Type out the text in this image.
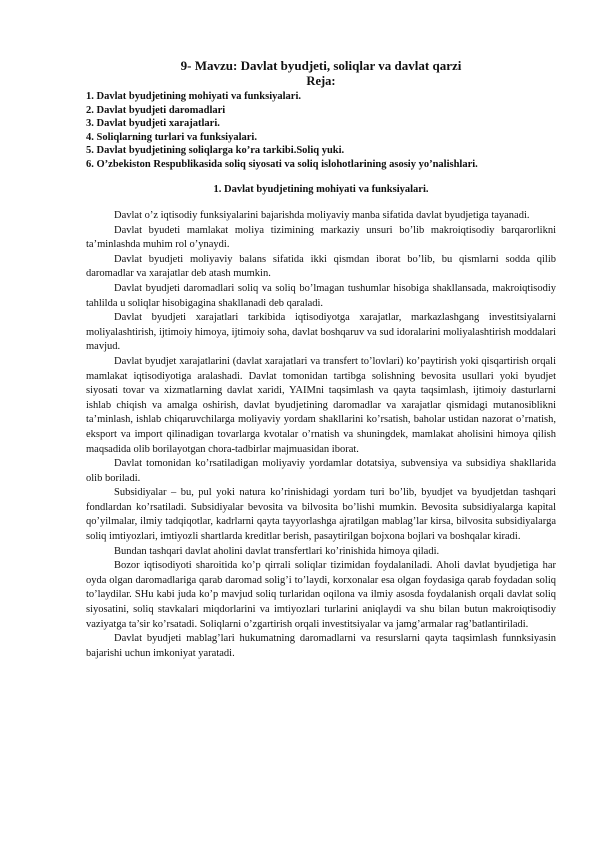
9- Mavzu: Davlat byudjeti, soliqlar va davlat qarzi
Reja:
1. Davlat byudjetining mohiyati va funksiyalari.
2. Davlat byudjeti daromadlari
3. Davlat byudjeti xarajatlari.
4. Soliqlarning turlari va funksiyalari.
5. Davlat byudjetining soliqlarga ko’ra tarkibi.Soliq yuki.
6. O’zbekiston Respublikasida soliq siyosati va soliq islohotlarining asosiy yo’nalishlari.
1. Davlat byudjetining mohiyati va funksiyalari.

Davlat o’z iqtisodiy funksiyalarini bajarishda moliyaviy manba sifatida davlat byudjetiga tayanadi.

Davlat byudeti mamlakat moliya tizimining markaziy unsuri bo’lib makroiqtisodiy barqarorlikni ta’minlashda muhim rol o’ynaydi.

Davlat byudjeti moliyaviy balans sifatida ikki qismdan iborat bo’lib, bu qismlarni sodda qilib daromadlar va xarajatlar deb atash mumkin.

Davlat byudjeti daromadlari soliq va soliq bo’lmagan tushumlar hisobiga shakllansada, makroiqtisodiy tahlilda u soliqlar hisobigagina shakllanadi deb qaraladi.

Davlat byudjeti xarajatlari tarkibida iqtisodiyotga xarajatlar, markazlashgang investitsiyalarni moliyalashtirish, ijtimoiy himoya, ijtimoiy soha, davlat boshqaruv va sud idoralarini moliyalashtirish moddalari mavjud.

Davlat byudjet xarajatlarini (davlat xarajatlari va transfert to’lovlari) ko’paytirish yoki qisqartirish orqali mamlakat iqtisodiyotiga aralashadi. Davlat tomonidan tartibga solishning bevosita usullari yoki byudjet siyosati tovar va xizmatlarning davlat xaridi, YAIMni taqsimlash va qayta taqsimlash, ijtimoiy dasturlarni ishlab chiqish va amalga oshirish, davlat byudjetining daromadlar va xarajatlar qismidagi mutanosiblikni ta’minlash, ishlab chiqaruvchilarga moliyaviy yordam shakllarini ko’rsatish, baholar ustidan nazorat o’rnatish, eksport va import qilinadigan tovarlarga kvotalar o’rnatish va shuningdek, mamlakat aholisini himoya qilish maqsadida olib borilayotgan chora-tadbirlar majmuasidan iborat.

Davlat tomonidan ko’rsatiladigan moliyaviy yordamlar dotatsiya, subvensiya va subsidiya shakllarida olib boriladi.

Subsidiyalar – bu, pul yoki natura ko’rinishidagi yordam turi bo’lib, byudjet va byudjetdan tashqari fondlardan ko’rsatiladi. Subsidiyalar bevosita va bilvosita bo’lishi mumkin. Bevosita subsidiyalarga kapital qo’yilmalar, ilmiy tadqiqotlar, kadrlarni qayta tayyorlashga ajratilgan mablag’lar kirsa, bilvosita subsidiyalarga soliq imtiyozlari, imtiyozli shartlarda kreditlar berish, pasaytirilgan bojxona bojlari va boshqalar kiradi.

Bundan tashqari davlat aholini davlat transfertlari ko’rinishida himoya qiladi.

Bozor iqtisodiyoti sharoitida ko’p qirrali soliqlar tizimidan foydalaniladi. Aholi davlat byudjetiga har oyda olgan daromadlariga qarab daromad solig’i to’laydi, korxonalar esa olgan foydasiga qarab foydadan soliq to’laydilar. SHu kabi juda ko’p mavjud soliq turlaridan oqilona va ilmiy asosda foydalanish orqali davlat soliq siyosatini, soliq stavkalari miqdorlarini va imtiyozlari turlarini aniqlaydi va shu bilan butun makroiqtisodiy vaziyatga ta’sir ko’rsatadi. Soliqlarni o’zgartirish orqali investitsiyalar va jamg’armalar rag’batlantiriladi.

Davlat byudjeti mablag’lari hukumatning daromadlarni va resurslarni qayta taqsimlash funnksiyasin bajarishi uchun imkoniyat yaratadi.
